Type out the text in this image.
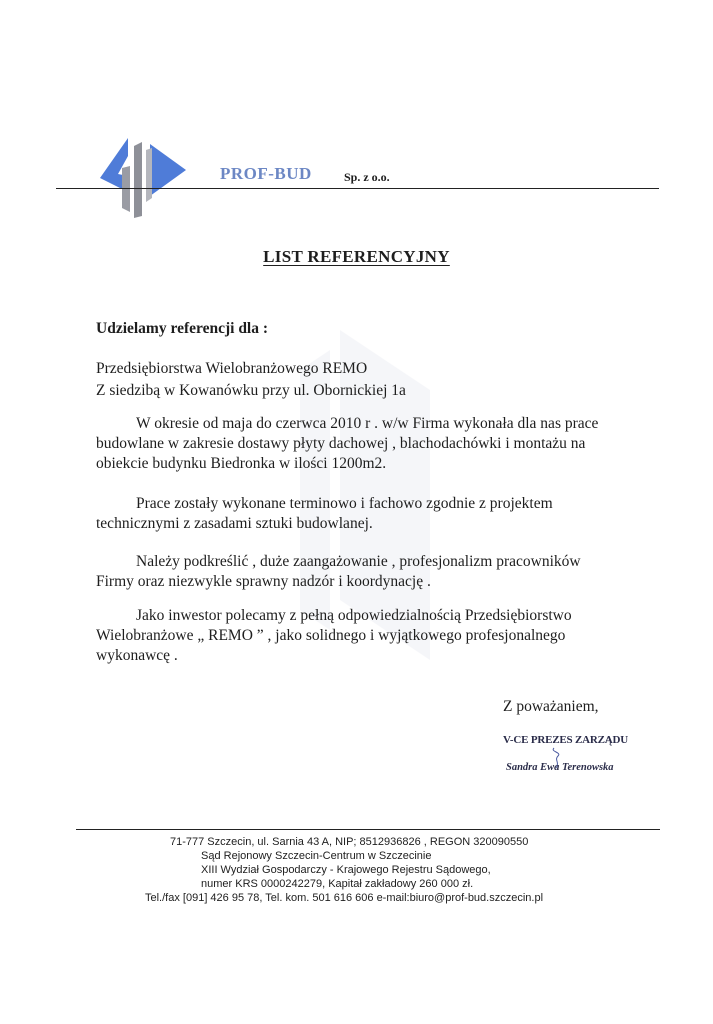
PROF-BUD	Sp. z o.o.
LIST REFERENCYJNY
Udzielamy referencji dla :
Przedsiębiorstwa Wielobranżowego REMO
Z siedzibą w Kowanówku przy ul. Obornickiej 1a
W okresie od maja do czerwca 2010 r . w/w Firma wykonała dla nas prace
budowlane w zakresie dostawy płyty dachowej , blachodachówki i montażu na
obiekcie budynku Biedronka w ilości 1200m2.
Prace zostały wykonane terminowo i fachowo zgodnie z projektem
technicznymi z zasadami sztuki budowlanej.
Należy podkreślić , duże zaangażowanie , profesjonalizm pracowników
Firmy oraz niezwykle sprawny nadzór i koordynację .
Jako inwestor polecamy z pełną odpowiedzialnością Przedsiębiorstwo
Wielobranżowe „ REMO ” , jako solidnego i wyjątkowego profesjonalnego
wykonawcę .
Z poważaniem,
V-CE PREZES ZARZĄDU
Sandra Ewa Terenowska
71-777 Szczecin, ul. Sarnia 43 A, NIP; 8512936826 , REGON 320090550
Sąd Rejonowy Szczecin-Centrum w Szczecinie
XIII Wydział Gospodarczy - Krajowego Rejestru Sądowego,
numer KRS 0000242279, Kapitał zakładowy 260 000 zł.
Tel./fax [091] 426 95 78, Tel. kom. 501 616 606 e-mail:biuro@prof-bud.szczecin.pl
